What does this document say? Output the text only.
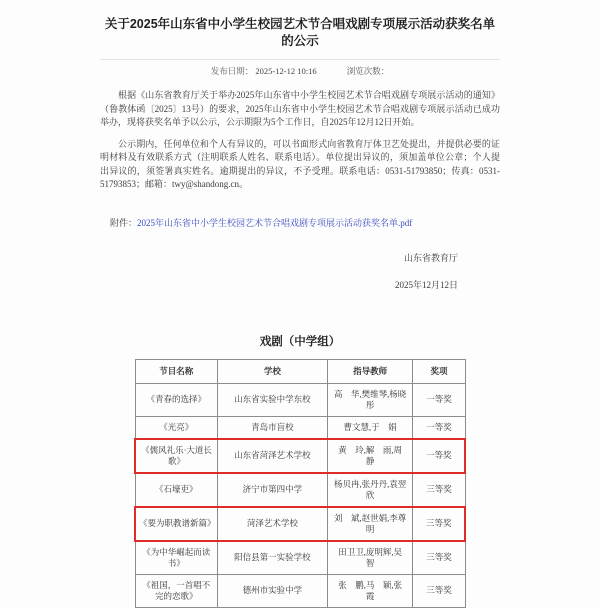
关于2025年山东省中小学生校园艺术节合唱戏剧专项展示活动获奖名单的公示
发布日期： 2025-12-12 10:16	浏览次数：

根据《山东省教育厅关于举办2025年山东省中小学生校园艺术节合唱戏剧专项展示活动的通知》（鲁教体函〔2025〕13号）的要求，2025年山东省中小学生校园艺术节合唱戏剧专项展示活动已成功举办，现将获奖名单予以公示，公示期限为5个工作日，自2025年12月12日开始。

公示期内，任何单位和个人有异议的，可以书面形式向省教育厅体卫艺处提出，并提供必要的证明材料及有效联系方式（注明联系人姓名、联系电话）。单位提出异议的，须加盖单位公章；个人提出异议的，须签署真实姓名。逾期提出的异议，不予受理。联系电话：0531-51793850；传真：0531-51793853；邮箱：twy@shandong.cn。

附件：2025年山东省中小学生校园艺术节合唱戏剧专项展示活动获奖名单.pdf
山东省教育厅
2025年12月12日
戏剧（中学组）
节目名称	学校	指导教师	奖项
《青春的选择》	山东省实验中学东校	高　华,樊维琴,杨晓彤	一等奖
《光亮》	青岛市盲校	曹文慧,于　娟	一等奖
《儒风礼乐·大道长歌》	山东省菏泽艺术学校	黄　玲,解　雨,周　静	一等奖
《石壕吏》	济宁市第四中学	杨贝冉,张丹丹,袁翌欣	三等奖
《要为职教谱新篇》	菏泽艺术学校	刘　斌,赵世娟,李尊明	三等奖
《为中华崛起而读书》	阳信县第一实验学校	田卫卫,庞明辉,吴　智	三等奖
《祖国，一首唱不完的恋歌》	德州市实验中学	张　鹏,马　颖,张　霞	三等奖
